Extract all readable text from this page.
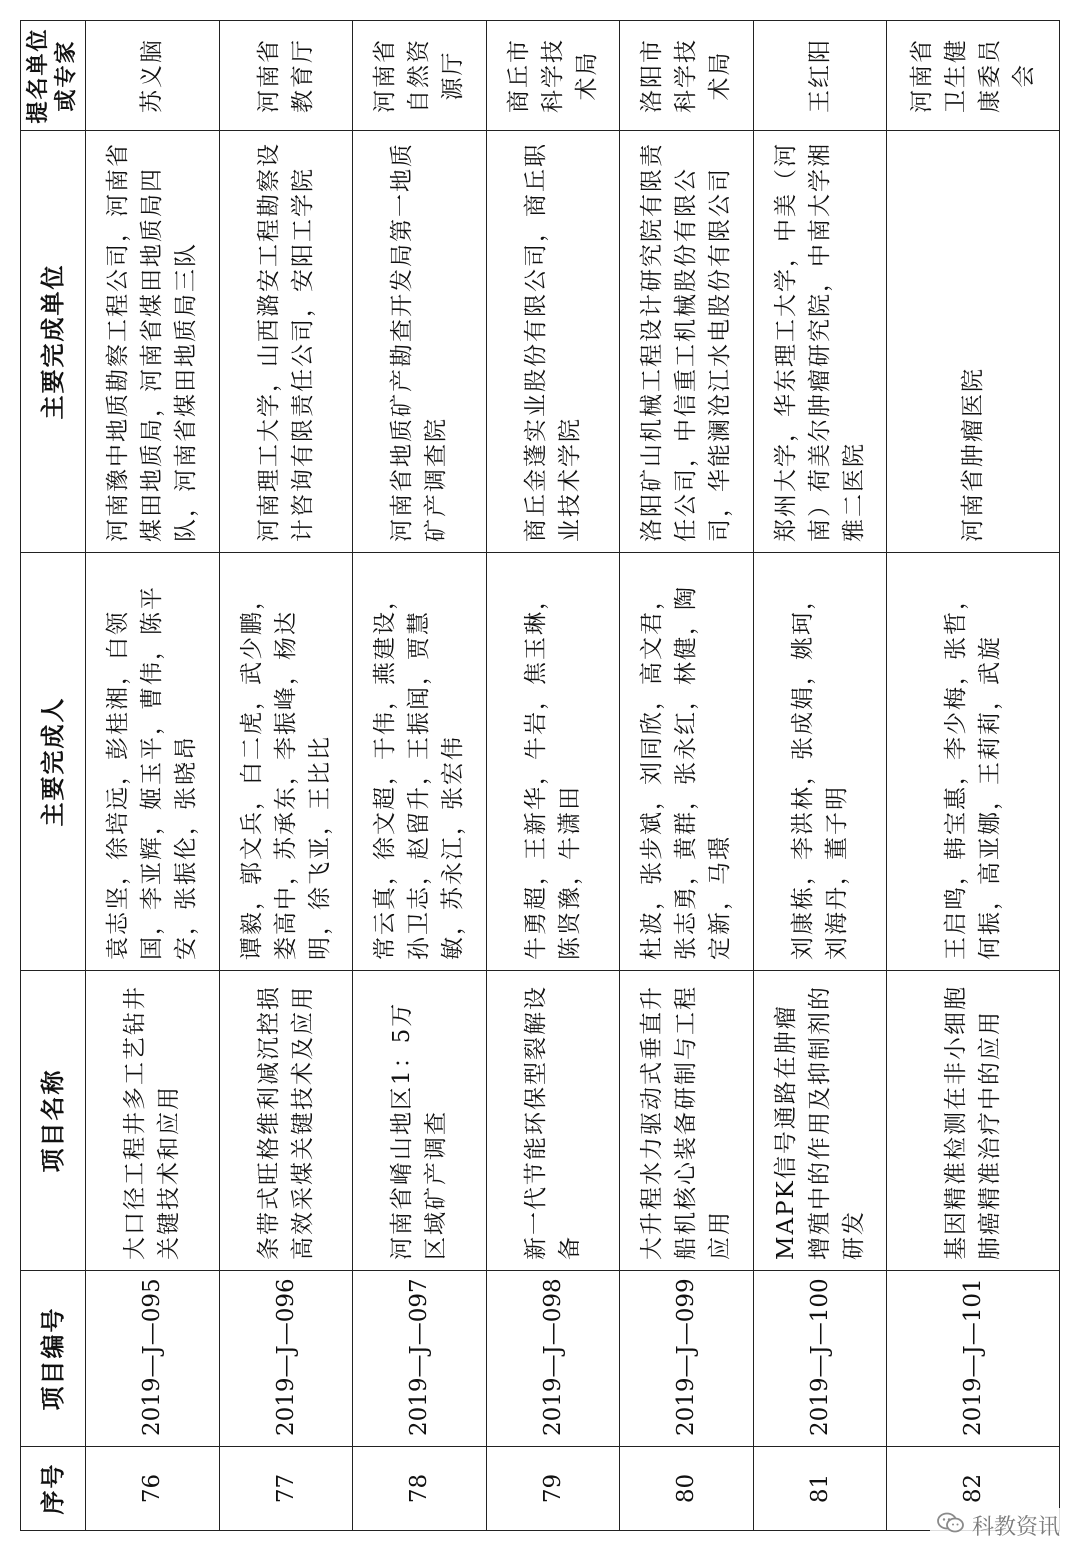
序号	项目编号	项目名称	主要完成人	主要完成单位	提名单位 或专家
76	2019—J—095	大口径工程井多工艺钻井关键技术和应用	袁志坚，徐培远，彭桂湘，白领国，李亚辉，姬玉平，曹伟，陈平安，张振伦，张晓昂	河南豫中地质勘察工程公司，河南省煤田地质局，河南省煤田地质局四队，河南省煤田地质局三队	苏义脑
77	2019—J—096	条带式旺格维利减沉控损高效采煤关键技术及应用	谭毅，郭文兵，白二虎，武少鹏，娄高中，苏承东，李振峰，杨达明，徐飞亚，王比比	河南理工大学，山西潞安工程勘察设计咨询有限责任公司，安阳工学院	河南省教育厅
78	2019—J—097	河南省崤山地区1：5万区域矿产调查	常云真，徐文超，于伟，燕建设，孙卫志，赵留升，王振闻，贾慧敏，苏永江，张宏伟	河南省地质矿产勘查开发局第一地质矿产调查院	河南省自然资源厅
79	2019—J—098	新一代节能环保型裂解设备	牛勇超，王新华，牛岩，焦玉琳，陈贤豫，牛潇田	商丘金蓬实业股份有限公司，商丘职业技术学院	商丘市科学技术局
80	2019—J—099	大升程水力驱动式垂直升船机核心装备研制与工程应用	杜波，张步斌，刘同欣，高文君，张志勇，黄群，张永红，林健，陶定新，马璟	洛阳矿山机械工程设计研究院有限责任公司，中信重工机械股份有限公司，华能澜沧江水电股份有限公司	洛阳市科学技术局
81	2019—J—100	MAPK信号通路在肿瘤增殖中的作用及抑制剂的研发	刘康栋，李洪林，张成娟，姚珂，刘海丹，董子明	郑州大学，华东理工大学，中美（河南）荷美尔肿瘤研究院，中南大学湘雅二医院	王红阳
82	2019—J—101	基因精准检测在非小细胞肺癌精准治疗中的应用	王启鸣，韩宝惠，李少梅，张哲，何振，高亚娜，王莉莉，武旋	河南省肿瘤医院	河南省卫生健康委员会
科教资讯
